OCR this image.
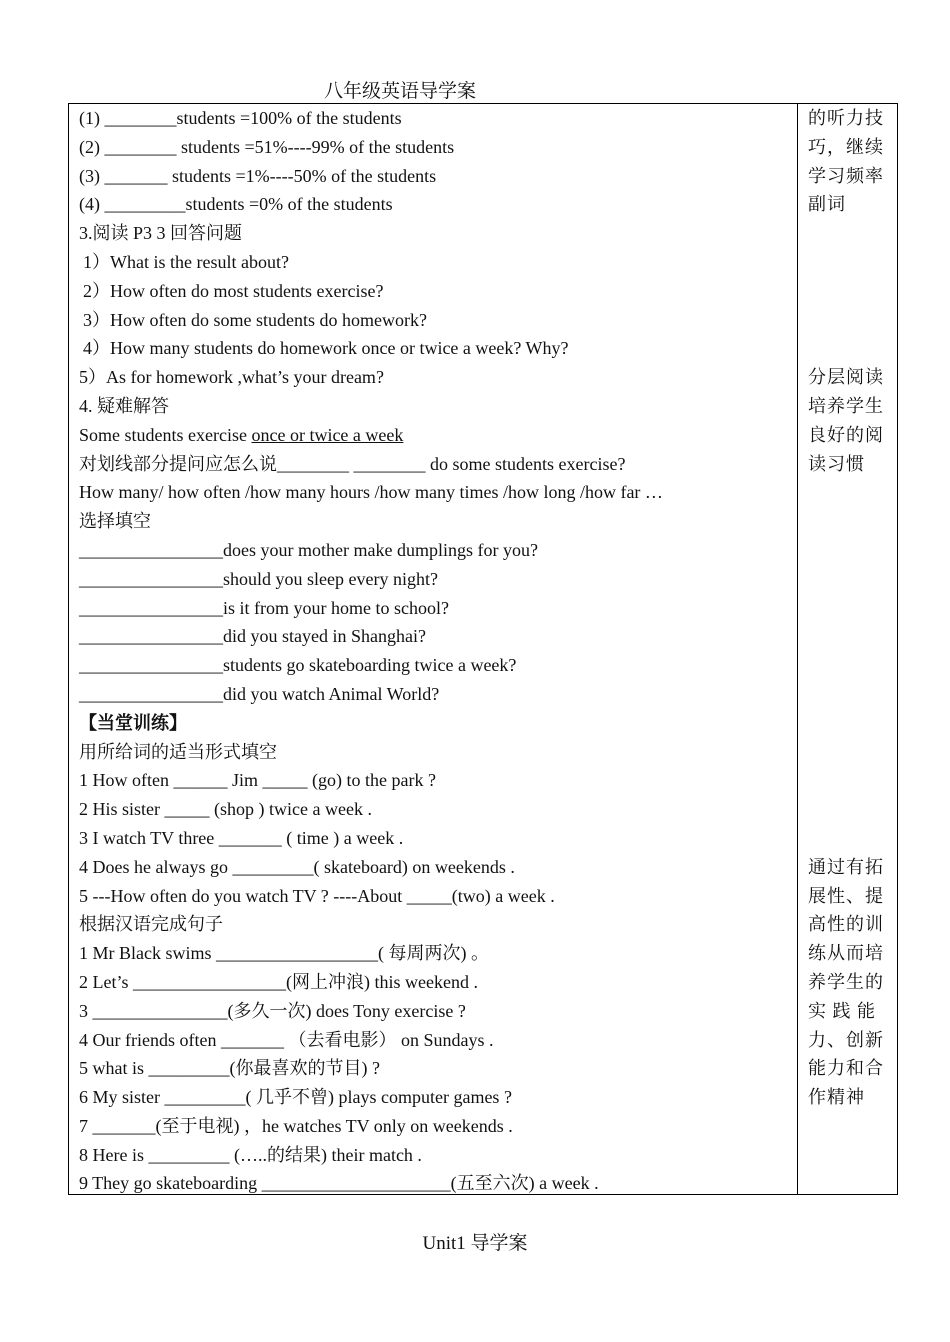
八年级英语导学案
(1) ________students =100% of the students
(2) ________ students =51%----99% of the students
(3) _______ students =1%----50% of the students
(4) _________students =0% of the students
3.阅读 P3 3 回答问题
1）What is the result about?
2）How often do most students exercise?
3）How often do some students do homework?
4）How many students do homework once or twice a week? Why?
5）As for homework ,what’s your dream?
4. 疑难解答
Some students exercise once or twice a week
对划线部分提问应怎么说________ ________ do some students exercise?
How many/ how often /how many hours /how many times /how long /how far …
选择填空
________________does your mother make dumplings for you?
________________should you sleep every night?
________________is it from your home to school?
________________did you stayed in Shanghai?
________________students go skateboarding twice a week?
________________did you watch Animal World?
【当堂训练】
用所给词的适当形式填空
1 How often ______ Jim _____ (go) to the park ?
2 His sister _____ (shop ) twice a week .
3 I watch TV three _______ ( time ) a week .
4 Does he always go _________( skateboard) on weekends .
5 ---How often do you watch TV ? ----About _____(two) a week .
根据汉语完成句子
1 Mr Black swims __________________( 每周两次) 。
2 Let’s _________________(网上冲浪) this weekend .
3 _______________(多久一次) does Tony exercise ?
4 Our friends often _______ （去看电影） on Sundays .
5 what is _________(你最喜欢的节目) ?
6 My sister _________( 几乎不曾) plays computer games ?
7 _______(至于电视) ，he watches TV only on weekends .
8 Here is _________ (…..的结果) their match .
9 They go skateboarding _____________________(五至六次) a week .
的听力技
巧，继续
学习频率
副词
分层阅读
培养学生
良好的阅
读习惯
通过有拓
展性、提
高性的训
练从而培
养学生的
实 践 能
力、创新
能力和合
作精神
Unit1 导学案
